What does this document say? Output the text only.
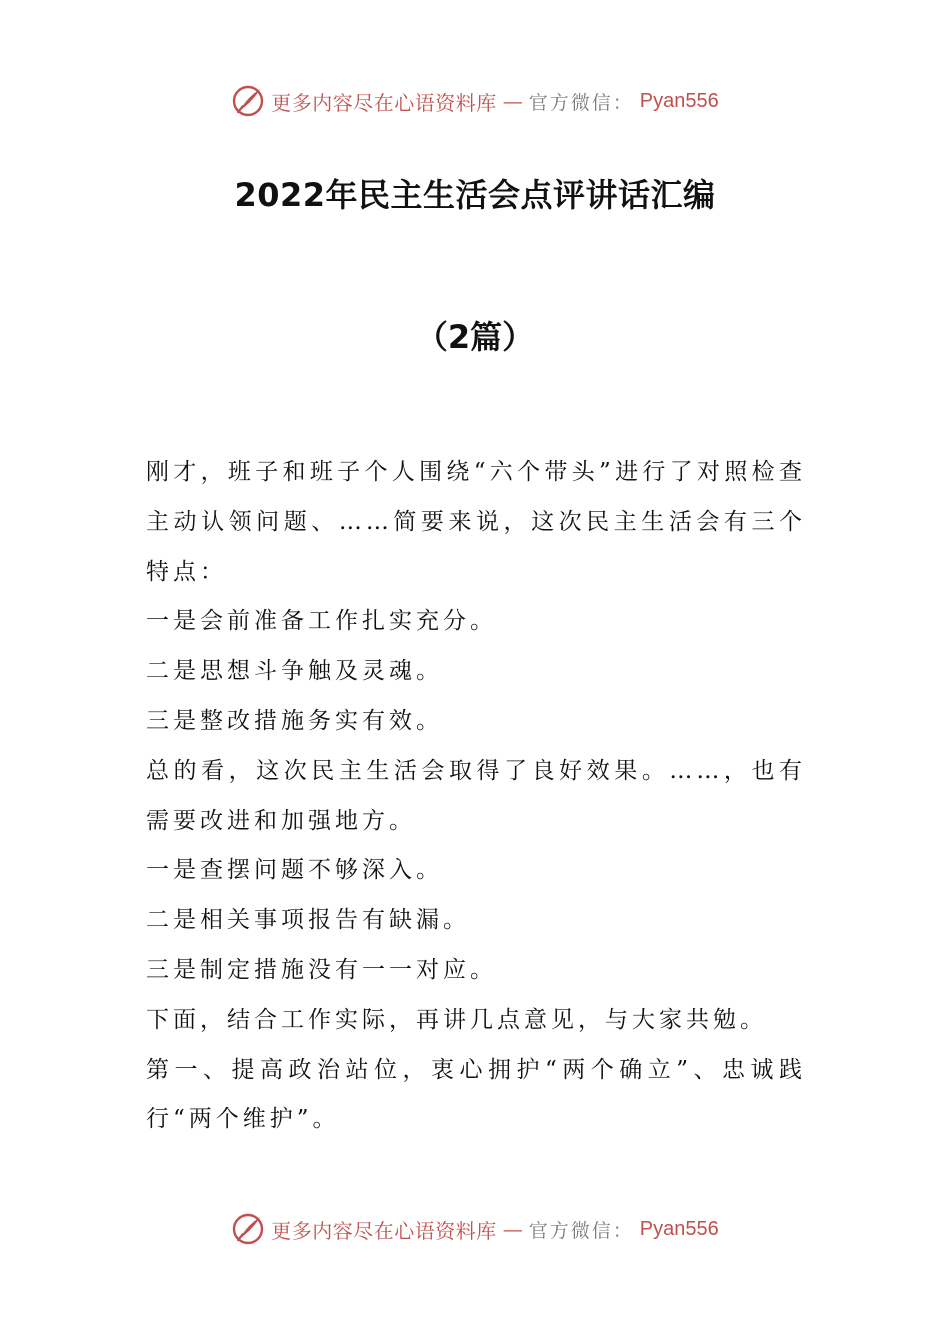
更多内容尽在心语资料库 — 官方微信： Pyan556
2022年民主生活会点评讲话汇编
（2篇）

刚才，班子和班子个人围绕“六个带头”进行了对照检查主动认领问题、……简要来说，这次民主生活会有三个特点：

一是会前准备工作扎实充分。

二是思想斗争触及灵魂。

三是整改措施务实有效。

总的看，这次民主生活会取得了良好效果。……，也有需要改进和加强地方。

一是查摆问题不够深入。

二是相关事项报告有缺漏。

三是制定措施没有一一对应。

下面，结合工作实际，再讲几点意见，与大家共勉。

第一、提高政治站位，衷心拥护“两个确立”、忠诚践行“两个维护”。

更多内容尽在心语资料库 — 官方微信： Pyan556
